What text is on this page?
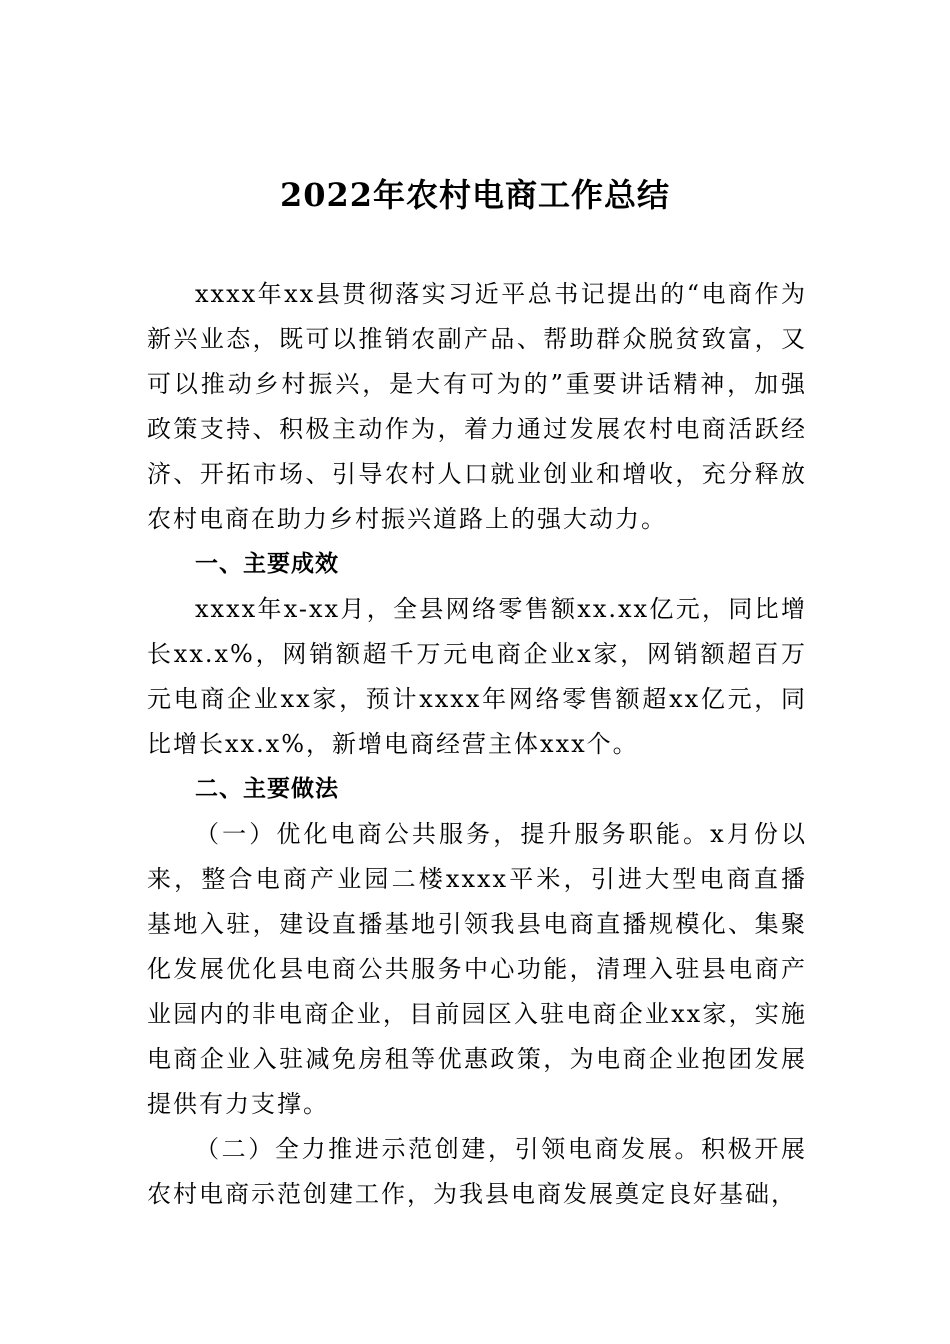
2022年农村电商工作总结

xxxx年xx县贯彻落实习近平总书记提出的“电商作为新兴业态，既可以推销农副产品、帮助群众脱贫致富，又可以推动乡村振兴，是大有可为的”重要讲话精神，加强政策支持、积极主动作为，着力通过发展农村电商活跃经济、开拓市场、引导农村人口就业创业和增收，充分释放农村电商在助力乡村振兴道路上的强大动力。

一、主要成效

xxxx年x-xx月，全县网络零售额xx.xx亿元，同比增长xx.x%，网销额超千万元电商企业x家，网销额超百万元电商企业xx家，预计xxxx年网络零售额超xx亿元，同比增长xx.x%，新增电商经营主体xxx个。

二、主要做法

（一）优化电商公共服务，提升服务职能。x月份以来，整合电商产业园二楼xxxx平米，引进大型电商直播基地入驻，建设直播基地引领我县电商直播规模化、集聚化发展优化县电商公共服务中心功能，清理入驻县电商产业园内的非电商企业，目前园区入驻电商企业xx家，实施电商企业入驻减免房租等优惠政策，为电商企业抱团发展提供有力支撑。

（二）全力推进示范创建，引领电商发展。积极开展农村电商示范创建工作，为我县电商发展奠定良好基础，
